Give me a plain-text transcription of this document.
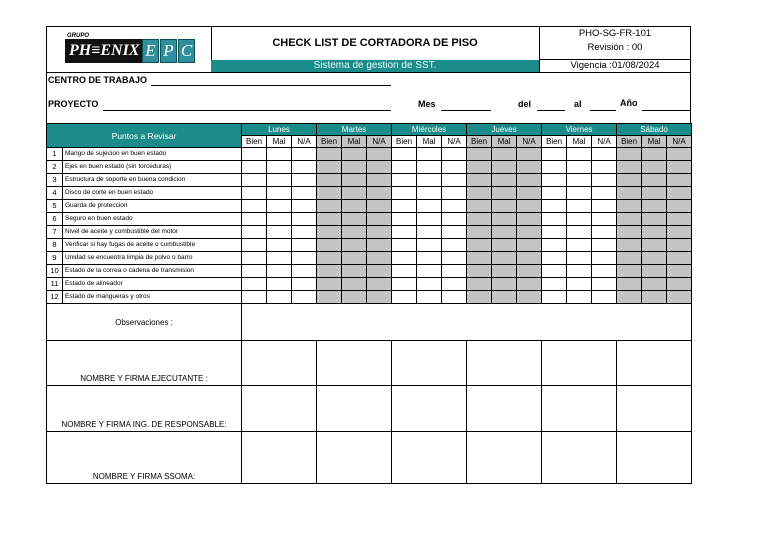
GRUPO
PH≡ENIX E P C	CHECK LIST DE CORTADORA DE PISO
Sistema de gestion de SST.
PHO-SG-FR-101
Revisión : 00
Vigencia :01/08/2024
CENTRO DE TRABAJO
PROYECTO	Mes	del	al	Año
Puntos a Revisar		Lunes			Martes			Miércoles			Jueves			Viernes			Sábado		
		Bien	Mal	N/A	Bien	Mal	N/A	Bien	Mal	N/A	Bien	Mal	N/A	Bien	Mal	N/A	Bien	Mal	N/A
1	Mango de sujecion en buen estado																		
2	Ejes en buen estado (sin torceduras)																		
3	Estructura de soporte en buena condicion																		
4	Disco de corte en buen estado																		
5	Guarda de proteccion																		
6	Seguro en buen estado																		
7	Nivel de aceite y combustible del motor																		
8	Verificar si hay fugas de aceite o cumbustible																		
9	Unidad se encuentra limpia de polvo o barro																		
10	Estado de la correa o cadena de transmision																		
11	Estado de alineador																		
12	Estado de mangueras y otros																		
Observaciones :																			
NOMBRE Y FIRMA EJECUTANTE :																			
NOMBRE Y FIRMA ING. DE RESPONSABLE:																			
NOMBRE Y FIRMA SSOMA:																			
